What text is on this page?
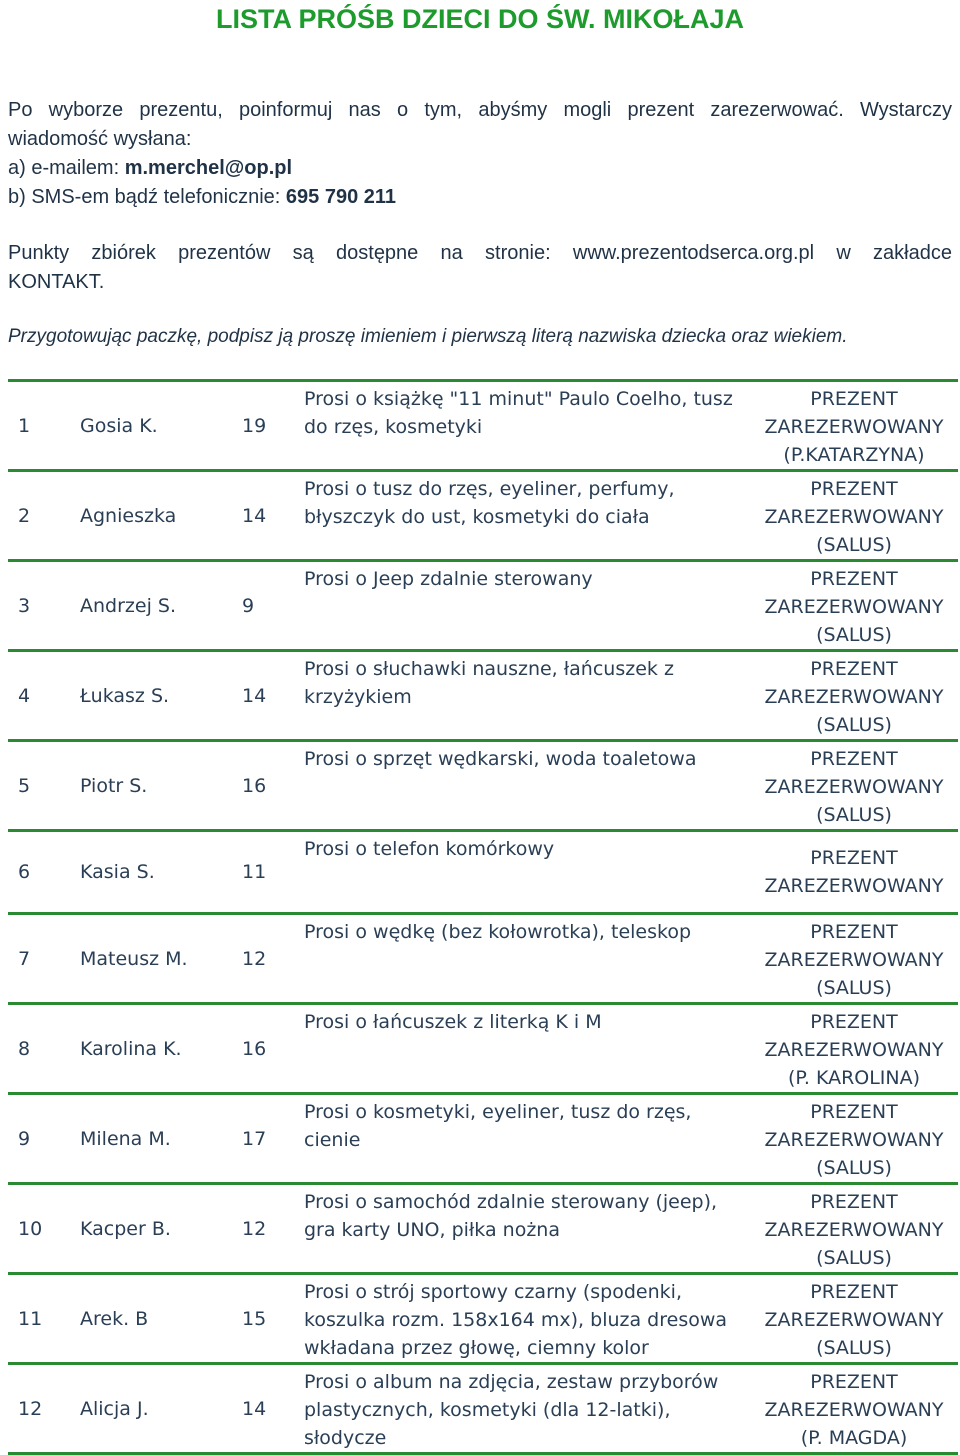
LISTA PRÓŚB DZIECI DO ŚW. MIKOŁAJA
Po wyborze prezentu, poinformuj nas o tym, abyśmy mogli prezent zarezerwować. Wystarczy
wiadomość wysłana:
a) e-mailem: m.merchel@op.pl
b) SMS-em bądź telefonicznie: 695 790 211
Punkty zbiórek prezentów są dostępne na stronie: www.prezentodserca.org.pl w zakładce
KONTAKT.
Przygotowując paczkę, podpisz ją proszę imieniem i pierwszą literą nazwiska dziecka oraz wiekiem.
1	Gosia K.	19	Prosi o książkę "11 minut" Paulo Coelho, tusz do rzęs, kosmetyki	PREZENT ZAREZERWOWANY
(P.KATARZYNA)

2	Agnieszka	14	Prosi o tusz do rzęs, eyeliner, perfumy, błyszczyk do ust, kosmetyki do ciała	PREZENT ZAREZERWOWANY
(SALUS)

3	Andrzej S.	9	Prosi o Jeep zdalnie sterowany	PREZENT ZAREZERWOWANY
(SALUS)

4	Łukasz S.	14	Prosi o słuchawki nauszne, łańcuszek z krzyżykiem	PREZENT ZAREZERWOWANY
(SALUS)

5	Piotr S.	16	Prosi o sprzęt wędkarski, woda toaletowa	PREZENT ZAREZERWOWANY
(SALUS)

6	Kasia S.	11	Prosi o telefon komórkowy	PREZENT ZAREZERWOWANY

7	Mateusz M.	12	Prosi o wędkę (bez kołowrotka), teleskop	PREZENT ZAREZERWOWANY
(SALUS)

8	Karolina K.	16	Prosi o łańcuszek z literką K i M	PREZENT ZAREZERWOWANY
(P. KAROLINA)

9	Milena M.	17	Prosi o kosmetyki, eyeliner, tusz do rzęs, cienie	PREZENT ZAREZERWOWANY
(SALUS)

10	Kacper B.	12	Prosi o samochód zdalnie sterowany (jeep), gra karty UNO, piłka nożna	PREZENT ZAREZERWOWANY
(SALUS)

11	Arek. B	15	Prosi o strój sportowy czarny (spodenki, koszulka rozm. 158x164 mx), bluza dresowa wkładana przez głowę, ciemny kolor	PREZENT ZAREZERWOWANY
(SALUS)

12	Alicja J.	14	Prosi o album na zdjęcia, zestaw przyborów plastycznych, kosmetyki (dla 12-latki), słodycze	PREZENT ZAREZERWOWANY
(P. MAGDA)
